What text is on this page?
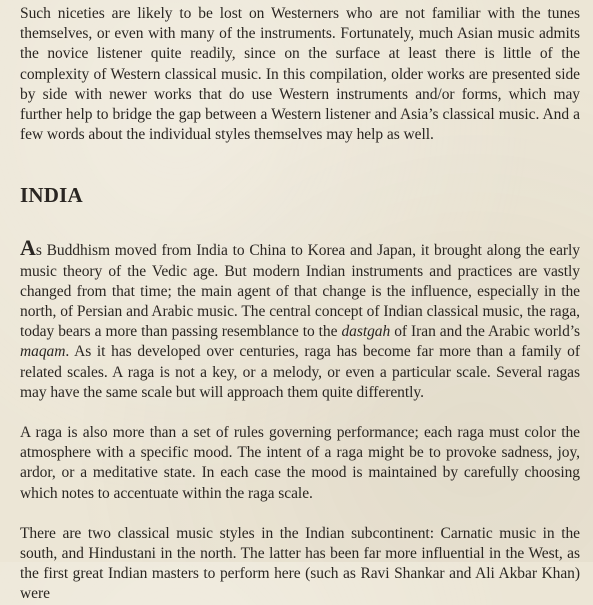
Such niceties are likely to be lost on Westerners who are not familiar with the tunes themselves, or even with many of the instruments. Fortunately, much Asian music admits the novice listener quite readily, since on the surface at least there is little of the complexity of Western classical music. In this compilation, older works are presented side by side with newer works that do use Western instruments and/or forms, which may further help to bridge the gap between a Western listener and Asia’s classical music. And a few words about the individual styles themselves may help as well.

INDIA

As Buddhism moved from India to China to Korea and Japan, it brought along the early music theory of the Vedic age. But modern Indian instruments and practices are vastly changed from that time; the main agent of that change is the influence, especially in the north, of Persian and Arabic music. The central concept of Indian classical music, the raga, today bears a more than passing resemblance to the dastgah of Iran and the Arabic world’s maqam. As it has developed over centuries, raga has become far more than a family of related scales. A raga is not a key, or a melody, or even a particular scale. Several ragas may have the same scale but will approach them quite differently.

A raga is also more than a set of rules governing performance; each raga must color the atmosphere with a specific mood. The intent of a raga might be to provoke sadness, joy, ardor, or a meditative state. In each case the mood is maintained by carefully choosing which notes to accentuate within the raga scale.

There are two classical music styles in the Indian subcontinent: Carnatic music in the south, and Hindustani in the north. The latter has been far more influential in the West, as the first great Indian masters to perform here (such as Ravi Shankar and Ali Akbar Khan) were
